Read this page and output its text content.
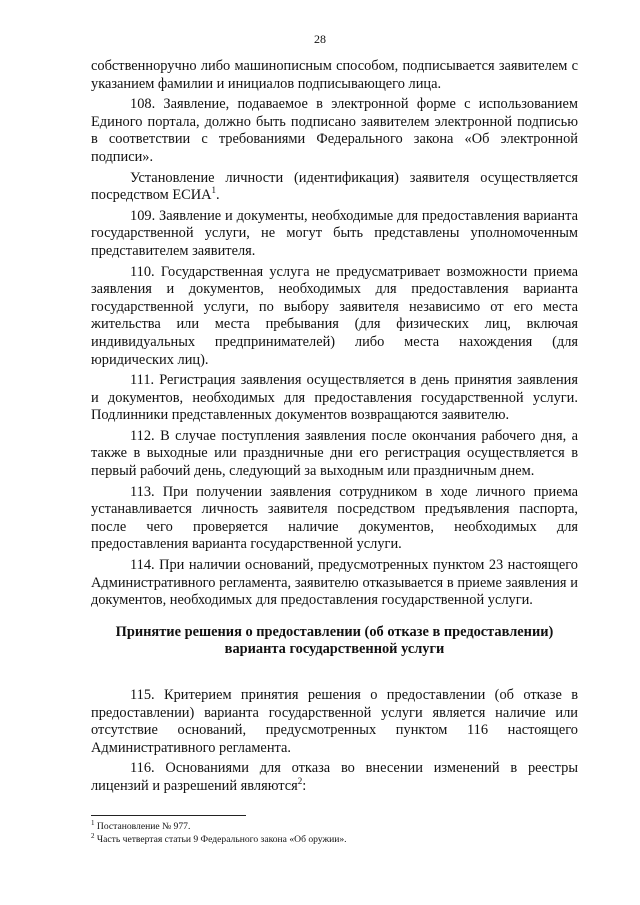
28

собственноручно либо машинописным способом, подписывается заявителем с указанием фамилии и инициалов подписывающего лица.

108. Заявление, подаваемое в электронной форме с использованием Единого портала, должно быть подписано заявителем электронной подписью в соответствии с требованиями Федерального закона «Об электронной подписи».

Установление личности (идентификация) заявителя осуществляется посредством ЕСИА$^1$.

109. Заявление и документы, необходимые для предоставления варианта государственной услуги, не могут быть представлены уполномоченным представителем заявителя.

110. Государственная услуга не предусматривает возможности приема заявления и документов, необходимых для предоставления варианта государственной услуги, по выбору заявителя независимо от его места жительства или места пребывания (для физических лиц, включая индивидуальных предпринимателей) либо места нахождения (для юридических лиц).

111. Регистрация заявления осуществляется в день принятия заявления и документов, необходимых для предоставления государственной услуги. Подлинники представленных документов возвращаются заявителю.

112. В случае поступления заявления после окончания рабочего дня, а также в выходные или праздничные дни его регистрация осуществляется в первый рабочий день, следующий за выходным или праздничным днем.

113. При получении заявления сотрудником в ходе личного приема устанавливается личность заявителя посредством предъявления паспорта, после чего проверяется наличие документов, необходимых для предоставления варианта государственной услуги.

114. При наличии оснований, предусмотренных пунктом 23 настоящего Административного регламента, заявителю отказывается в приеме заявления и документов, необходимых для предоставления государственной услуги.

Принятие решения о предоставлении (об отказе в предоставлении)
варианта государственной услуги

115. Критерием принятия решения о предоставлении (об отказе в предоставлении) варианта государственной услуги является наличие или отсутствие оснований, предусмотренных пунктом 116 настоящего Административного регламента.

116. Основаниями для отказа во внесении изменений в реестры лицензий и разрешений являются$^2$:

$^1$ Постановление № 977.
$^2$ Часть четвертая статьи 9 Федерального закона «Об оружии».
